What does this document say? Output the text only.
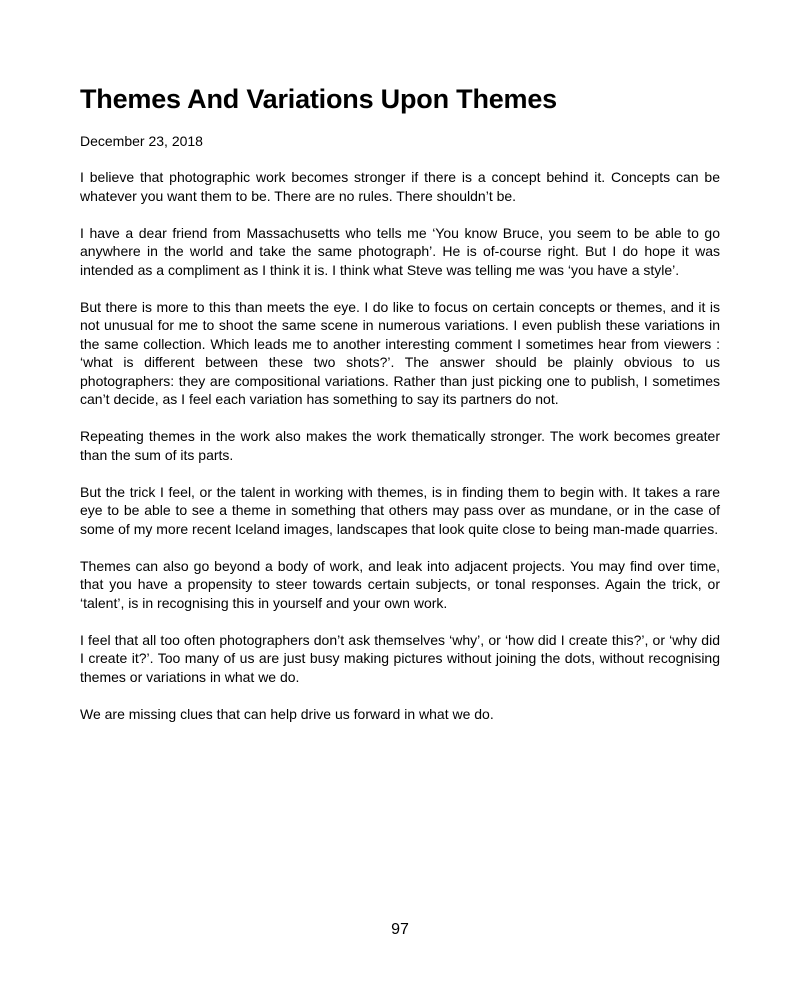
Themes And Variations Upon Themes

December 23, 2018

I believe that photographic work becomes stronger if there is a concept behind it. Concepts can be whatever you want them to be. There are no rules. There shouldn’t be.

I have a dear friend from Massachusetts who tells me ‘You know Bruce, you seem to be able to go anywhere in the world and take the same photograph’. He is of-course right. But I do hope it was intended as a compliment as I think it is. I think what Steve was telling me was ‘you have a style’.

But there is more to this than meets the eye. I do like to focus on certain concepts or themes, and it is not unusual for me to shoot the same scene in numerous variations. I even publish these variations in the same collection. Which leads me to another interesting comment I sometimes hear from viewers : ‘what is different between these two shots?’. The answer should be plainly obvious to us photographers: they are compositional variations. Rather than just picking one to publish, I sometimes can’t decide, as I feel each variation has something to say its partners do not.

Repeating themes in the work also makes the work thematically stronger. The work becomes greater than the sum of its parts.

But the trick I feel, or the talent in working with themes, is in finding them to begin with. It takes a rare eye to be able to see a theme in something that others may pass over as mundane, or in the case of some of my more recent Iceland images, landscapes that look quite close to being man-made quarries.

Themes can also go beyond a body of work, and leak into adjacent projects. You may find over time, that you have a propensity to steer towards certain subjects, or tonal responses. Again the trick, or ‘talent’, is in recognising this in yourself and your own work.

I feel that all too often photographers don’t ask themselves ‘why’, or ‘how did I create this?’, or ‘why did I create it?’. Too many of us are just busy making pictures without joining the dots, without recognising themes or variations in what we do.

We are missing clues that can help drive us forward in what we do.

97
